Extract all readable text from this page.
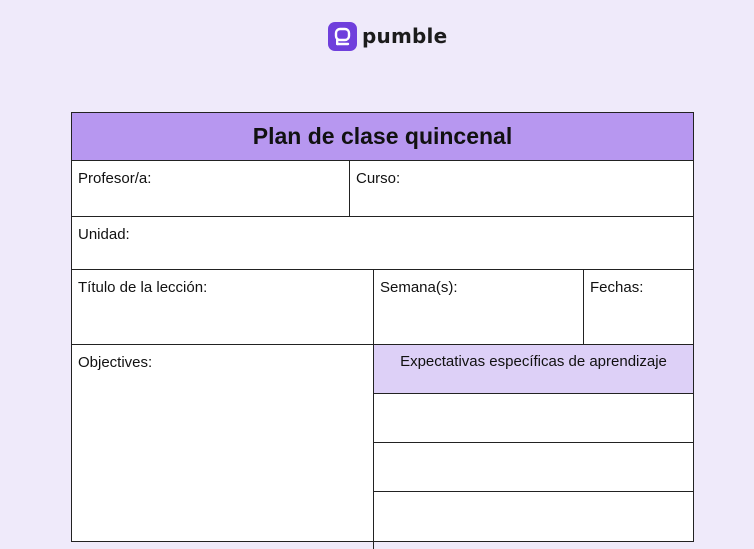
pumble
Plan de clase quincenal
Profesor/a:	Curso:
Unidad:
Título de la lección:	Semana(s):	Fechas:
Objectives:	Expectativas específicas de aprendizaje
